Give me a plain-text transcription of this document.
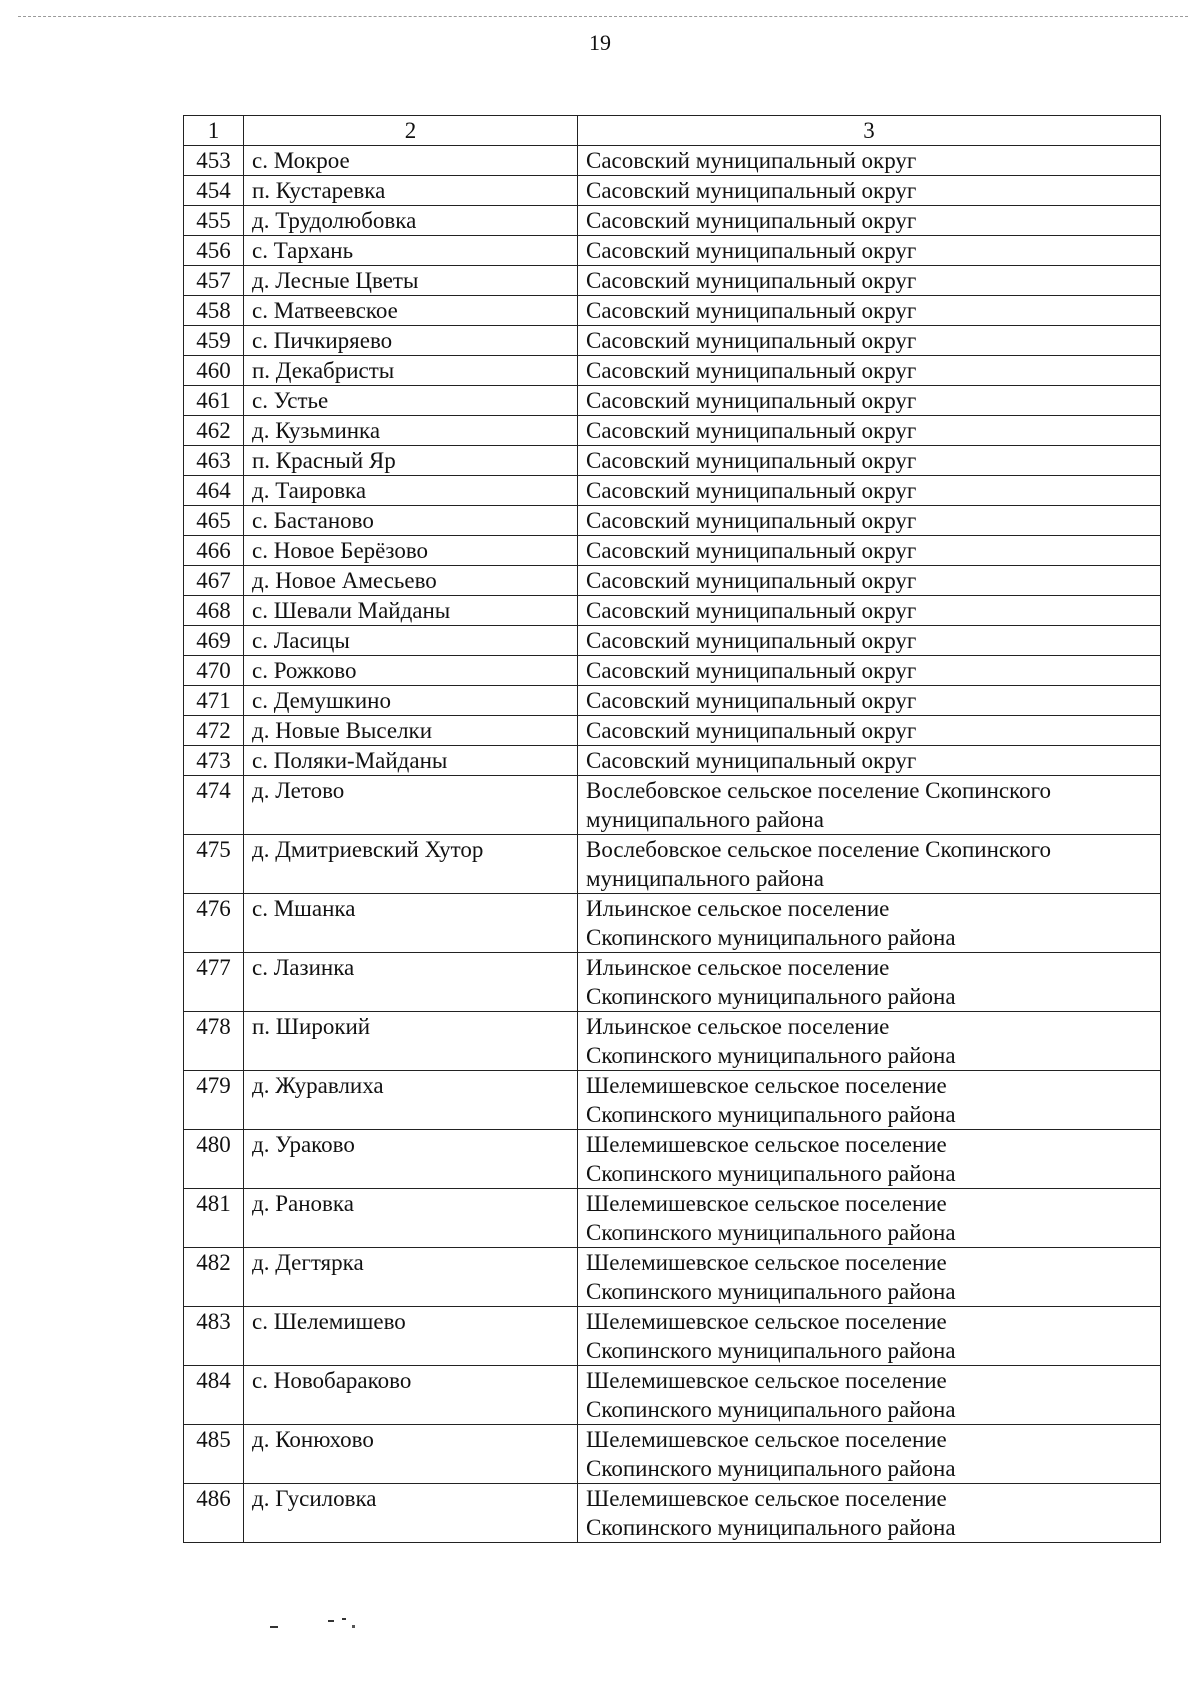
19
1	2	3
453	с. Мокрое	Сасовский муниципальный округ

454	п. Кустаревка	Сасовский муниципальный округ

455	д. Трудолюбовка	Сасовский муниципальный округ

456	с. Тархань	Сасовский муниципальный округ

457	д. Лесные Цветы	Сасовский муниципальный округ

458	с. Матвеевское	Сасовский муниципальный округ

459	с. Пичкиряево	Сасовский муниципальный округ

460	п. Декабристы	Сасовский муниципальный округ

461	с. Устье	Сасовский муниципальный округ

462	д. Кузьминка	Сасовский муниципальный округ

463	п. Красный Яр	Сасовский муниципальный округ

464	д. Таировка	Сасовский муниципальный округ

465	с. Бастаново	Сасовский муниципальный округ

466	с. Новое Берёзово	Сасовский муниципальный округ

467	д. Новое Амесьево	Сасовский муниципальный округ

468	с. Шевали Майданы	Сасовский муниципальный округ

469	с. Ласицы	Сасовский муниципальный округ

470	с. Рожково	Сасовский муниципальный округ

471	с. Демушкино	Сасовский муниципальный округ

472	д. Новые Выселки	Сасовский муниципальный округ

473	с. Поляки-Майданы	Сасовский муниципальный округ

474	д. Летово	Вослебовское сельское поселение Скопинского
муниципального района

475	д. Дмитриевский Хутор	Вослебовское сельское поселение Скопинского
муниципального района

476	с. Мшанка	Ильинское сельское поселение
Скопинского муниципального района

477	с. Лазинка	Ильинское сельское поселение
Скопинского муниципального района

478	п. Широкий	Ильинское сельское поселение
Скопинского муниципального района

479	д. Журавлиха	Шелемишевское сельское поселение
Скопинского муниципального района

480	д. Ураково	Шелемишевское сельское поселение
Скопинского муниципального района

481	д. Рановка	Шелемишевское сельское поселение
Скопинского муниципального района

482	д. Дегтярка	Шелемишевское сельское поселение
Скопинского муниципального района

483	с. Шелемишево	Шелемишевское сельское поселение
Скопинского муниципального района

484	с. Новобараково	Шелемишевское сельское поселение
Скопинского муниципального района

485	д. Конюхово	Шелемишевское сельское поселение
Скопинского муниципального района

486	д. Гусиловка	Шелемишевское сельское поселение
Скопинского муниципального района
